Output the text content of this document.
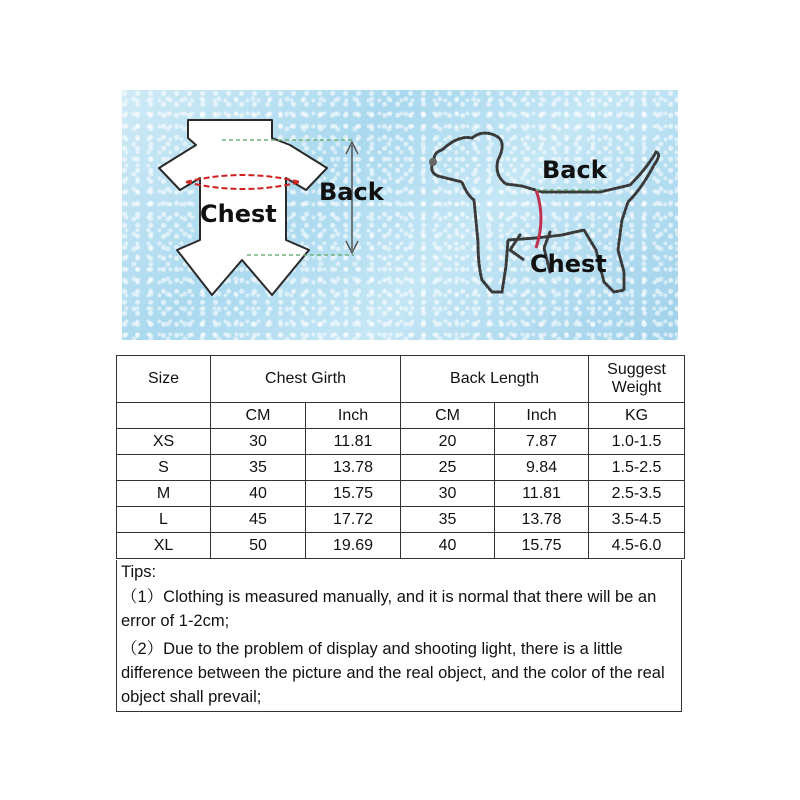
Chest
Back
Back
Chest
Size	Chest Girth		Back Length		Suggest Weight
	CM	Inch	CM	Inch	KG
XS	30	11.81	20	7.87	1.0-1.5
S	35	13.78	25	9.84	1.5-2.5
M	40	15.75	30	11.81	2.5-3.5
L	45	17.72	35	13.78	3.5-4.5
XL	50	19.69	40	15.75	4.5-6.0

Tips:

（1）Clothing is measured manually, and it is normal that there will be an error of 1-2cm;

（2）Due to the problem of display and shooting light, there is a little difference between the picture and the real object, and the color of the real object shall prevail;
